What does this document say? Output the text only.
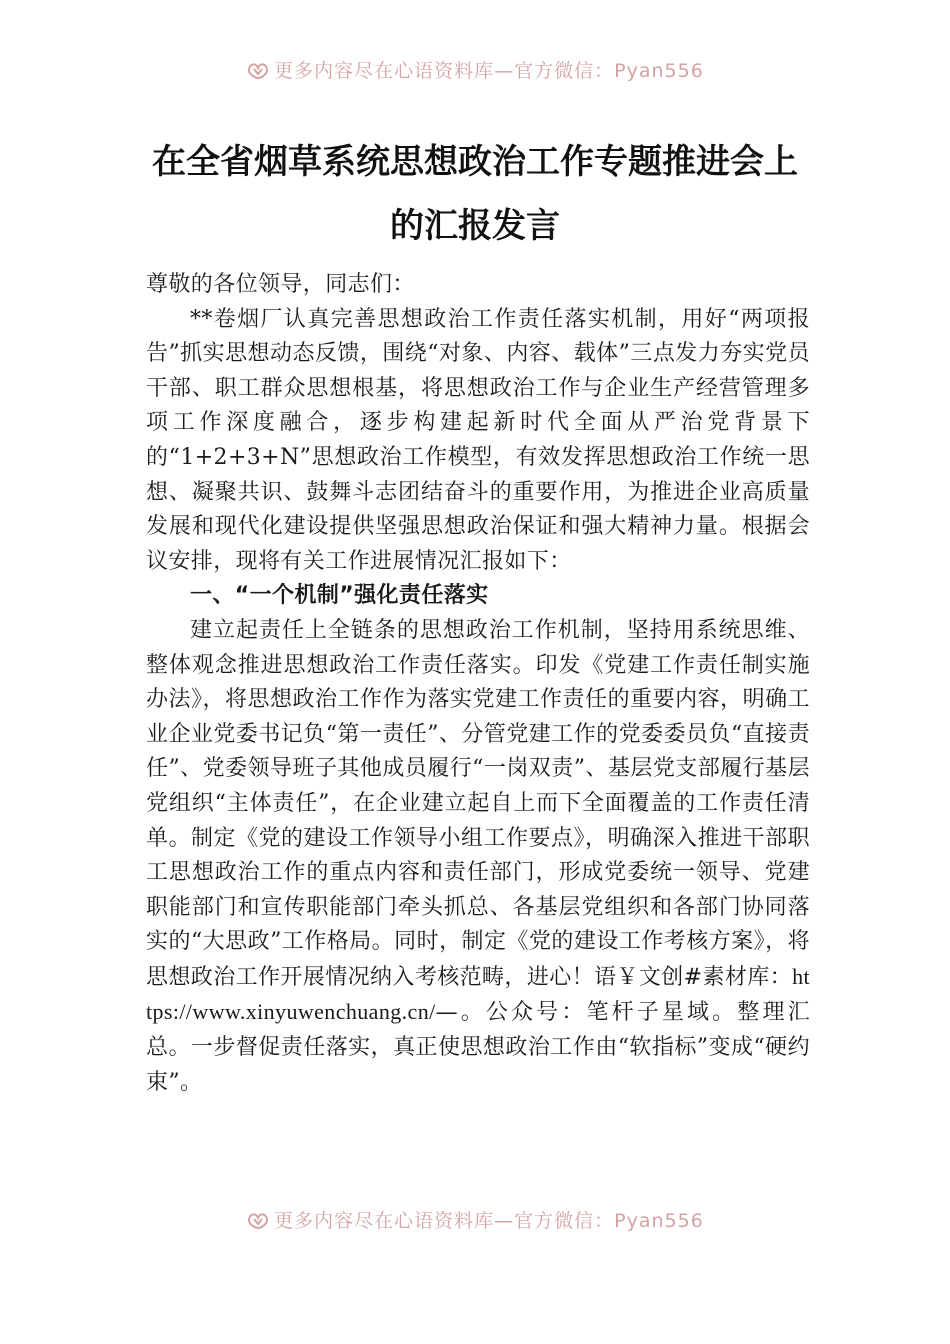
更多内容尽在心语资料库—官方微信：Pyan556
在全省烟草系统思想政治工作专题推进会上的汇报发言

尊敬的各位领导，同志们：

**卷烟厂认真完善思想政治工作责任落实机制，用好“两项报告”抓实思想动态反馈，围绕“对象、内容、载体”三点发力夯实党员干部、职工群众思想根基，将思想政治工作与企业生产经营管理多项工作深度融合，逐步构建起新时代全面从严治党背景下的“1+2+3+N”思想政治工作模型，有效发挥思想政治工作统一思想、凝聚共识、鼓舞斗志团结奋斗的重要作用，为推进企业高质量发展和现代化建设提供坚强思想政治保证和强大精神力量。根据会议安排，现将有关工作进展情况汇报如下：

一、“一个机制”强化责任落实

建立起责任上全链条的思想政治工作机制，坚持用系统思维、整体观念推进思想政治工作责任落实。印发《党建工作责任制实施办法》，将思想政治工作作为落实党建工作责任的重要内容，明确工业企业党委书记负“第一责任”、分管党建工作的党委委员负“直接责任”、党委领导班子其他成员履行“一岗双责”、基层党支部履行基层党组织“主体责任”，在企业建立起自上而下全面覆盖的工作责任清单。制定《党的建设工作领导小组工作要点》，明确深入推进干部职工思想政治工作的重点内容和责任部门，形成党委统一领导、党建职能部门和宣传职能部门牵头抓总、各基层党组织和各部门协同落实的“大思政”工作格局。同时，制定《党的建设工作考核方案》，将思想政治工作开展情况纳入考核范畴，进心！语￥文创#素材库：https://www.xinyuwenchuang.cn/—。公众号：笔杆子星域。整理汇总。一步督促责任落实，真正使思想政治工作由“软指标”变成“硬约束”。

更多内容尽在心语资料库—官方微信：Pyan556
